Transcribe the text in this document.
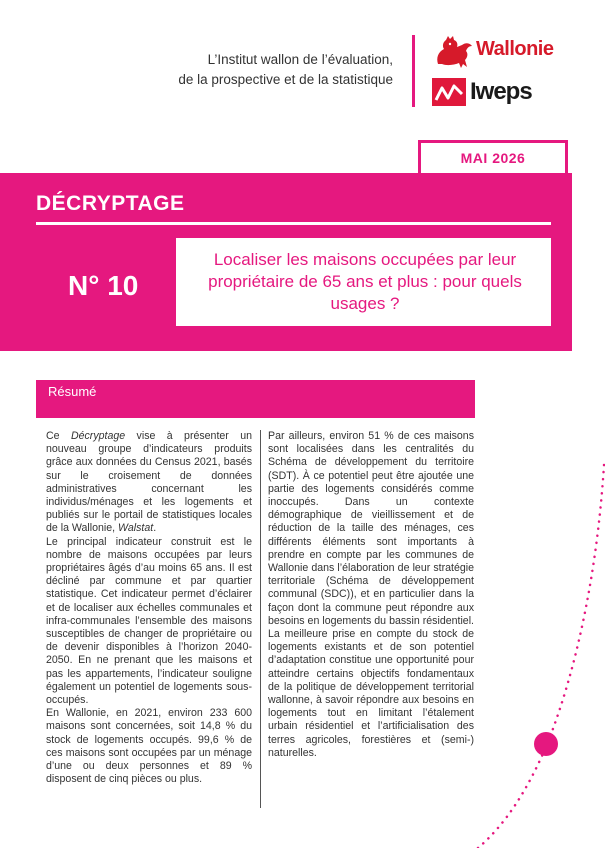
L’Institut wallon de l’évaluation,
de la prospective et de la statistique
Wallonie
Iweps
MAI 2026
DÉCRYPTAGE
N° 10
Localiser les maisons occupées par leur propriétaire de 65 ans et plus : pour quels usages ?
Résumé

Ce Décryptage vise à présenter un nouveau groupe d’indicateurs produits grâce aux données du Census 2021, basés sur le croisement de données administratives concernant les individus/ménages et les logements et publiés sur le portail de statistiques locales de la Wallonie, Walstat.

Le principal indicateur construit est le nombre de maisons occupées par leurs propriétaires âgés d’au moins 65 ans. Il est décliné par commune et par quartier statistique. Cet indicateur permet d’éclairer et de localiser aux échelles communales et infra-communales l’ensemble des maisons susceptibles de changer de propriétaire ou de devenir disponibles à l’horizon 2040-2050. En ne prenant que les maisons et pas les appartements, l’indicateur souligne également un potentiel de logements sous-occupés.

En Wallonie, en 2021, environ 233 600 maisons sont concernées, soit 14,8 % du stock de logements occupés. 99,6 % de ces maisons sont occupées par un ménage d’une ou deux personnes et 89 % disposent de cinq pièces ou plus.

Par ailleurs, environ 51 % de ces maisons sont localisées dans les centralités du Schéma de développement du territoire (SDT). À ce potentiel peut être ajoutée une partie des logements considérés comme inoccupés. Dans un contexte démographique de vieillissement et de réduction de la taille des ménages, ces différents éléments sont importants à prendre en compte par les communes de Wallonie dans l’élaboration de leur stratégie territoriale (Schéma de développement communal (SDC)), et en particulier dans la façon dont la commune peut répondre aux besoins en logements du bassin résidentiel. La meilleure prise en compte du stock de logements existants et de son potentiel d’adaptation constitue une opportunité pour atteindre certains objectifs fondamentaux de la politique de développement territorial wallonne, à savoir répondre aux besoins en logements tout en limitant l’étalement urbain résidentiel et l’artificialisation des terres agricoles, forestières et (semi-) naturelles.
